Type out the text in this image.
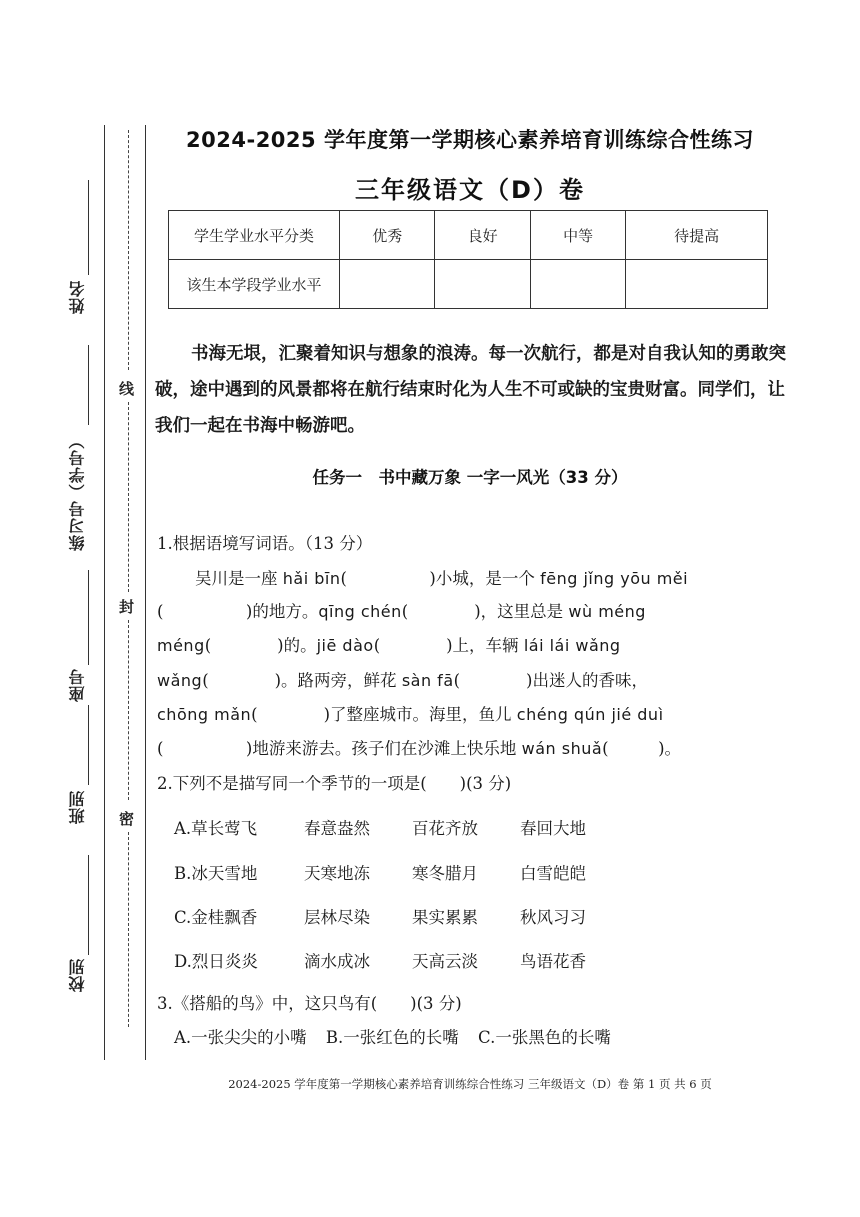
姓名
练习号（学号）
座号
班别
校别
线
封
密
2024-2025 学年度第一学期核心素养培育训练综合性练习
三年级语文（D）卷
学生学业水平分类	优秀	良好	中等	待提高
该生本学段学业水平				

书海无垠，汇聚着知识与想象的浪涛。每一次航行，都是对自我认知的勇敢突破，途中遇到的风景都将在航行结束时化为人生不可或缺的宝贵财富。同学们，让我们一起在书海中畅游吧。

任务一　书中藏万象 一字一风光（33 分）
1.根据语境写词语。（13 分）
吴川是一座 hǎi bīn(　　　　　)小城，是一个 fēng jǐng yōu měi
(　　　　　)的地方。qīng chén(　　　　)，这里总是 wù méng
méng(　　　　)的。jiē dào(　　　　)上，车辆 lái lái wǎng
wǎng(　　　　)。路两旁，鲜花 sàn fā(　　　　)出迷人的香味，
chōng mǎn(　　　　)了整座城市。海里，鱼儿 chéng qún jié duì
(　　　　　)地游来游去。孩子们在沙滩上快乐地 wán shuǎ(　　　)。
2.下列不是描写同一个季节的一项是(　　)(3 分)
A.草长莺飞	春意盎然	百花齐放	春回大地
B.冰天雪地	天寒地冻	寒冬腊月	白雪皑皑
C.金桂飘香	层林尽染	果实累累	秋风习习
D.烈日炎炎	滴水成冰	天高云淡	鸟语花香
3.《搭船的鸟》中，这只鸟有(　　)(3 分)
A.一张尖尖的小嘴 B.一张红色的长嘴 C.一张黑色的长嘴
2024-2025 学年度第一学期核心素养培育训练综合性练习 三年级语文（D）卷 第 1 页 共 6 页
